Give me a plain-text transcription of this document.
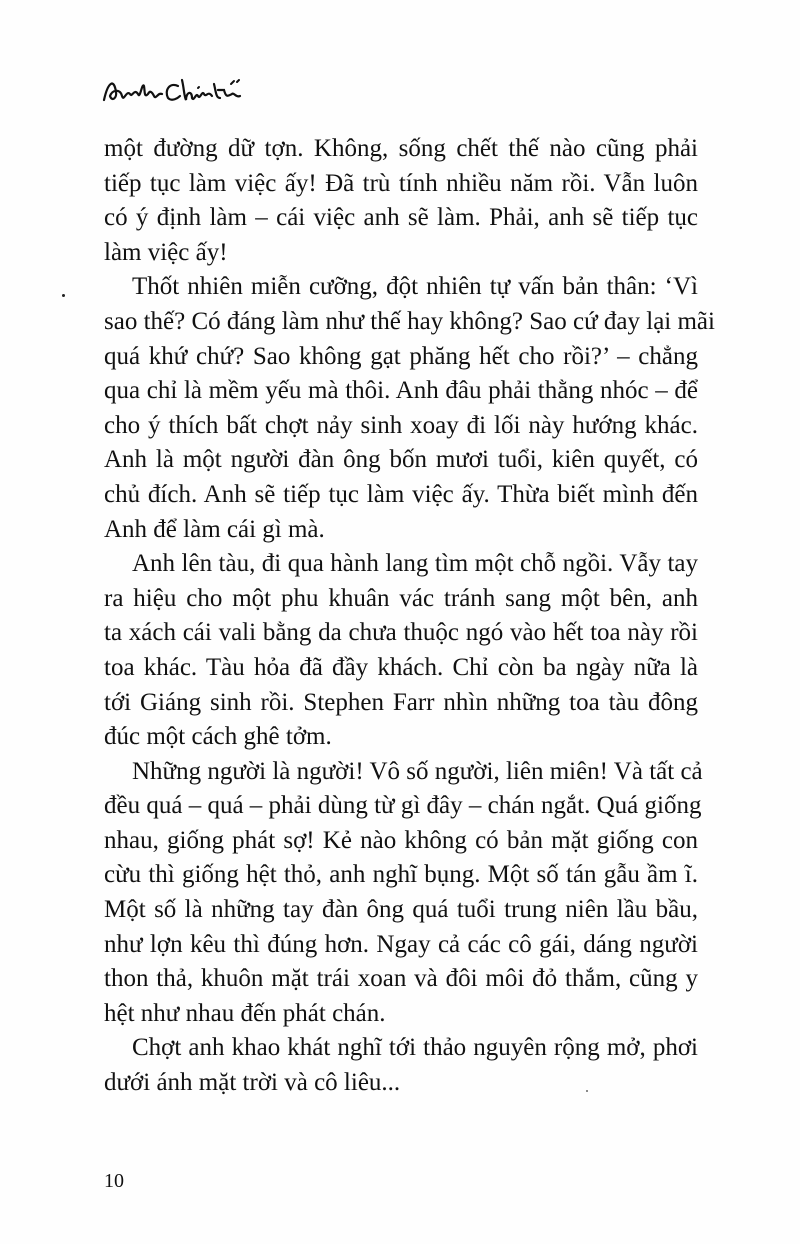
một đường dữ tợn. Không, sống chết thế nào cũng phải
tiếp tục làm việc ấy! Đã trù tính nhiều năm rồi. Vẫn luôn
có ý định làm – cái việc anh sẽ làm. Phải, anh sẽ tiếp tục
làm việc ấy!
Thốt nhiên miễn cưỡng, đột nhiên tự vấn bản thân: ‘Vì
sao thế? Có đáng làm như thế hay không? Sao cứ đay lại mãi
quá khứ chứ? Sao không gạt phăng hết cho rồi?’ – chẳng
qua chỉ là mềm yếu mà thôi. Anh đâu phải thằng nhóc – để
cho ý thích bất chợt nảy sinh xoay đi lối này hướng khác.
Anh là một người đàn ông bốn mươi tuổi, kiên quyết, có
chủ đích. Anh sẽ tiếp tục làm việc ấy. Thừa biết mình đến
Anh để làm cái gì mà.
Anh lên tàu, đi qua hành lang tìm một chỗ ngồi. Vẫy tay
ra hiệu cho một phu khuân vác tránh sang một bên, anh
ta xách cái vali bằng da chưa thuộc ngó vào hết toa này rồi
toa khác. Tàu hỏa đã đầy khách. Chỉ còn ba ngày nữa là
tới Giáng sinh rồi. Stephen Farr nhìn những toa tàu đông
đúc một cách ghê tởm.
Những người là người! Vô số người, liên miên! Và tất cả
đều quá – quá – phải dùng từ gì đây – chán ngắt. Quá giống
nhau, giống phát sợ! Kẻ nào không có bản mặt giống con
cừu thì giống hệt thỏ, anh nghĩ bụng. Một số tán gẫu ầm ĩ.
Một số là những tay đàn ông quá tuổi trung niên lầu bầu,
như lợn kêu thì đúng hơn. Ngay cả các cô gái, dáng người
thon thả, khuôn mặt trái xoan và đôi môi đỏ thắm, cũng y
hệt như nhau đến phát chán.
Chợt anh khao khát nghĩ tới thảo nguyên rộng mở, phơi
dưới ánh mặt trời và cô liêu...
10
